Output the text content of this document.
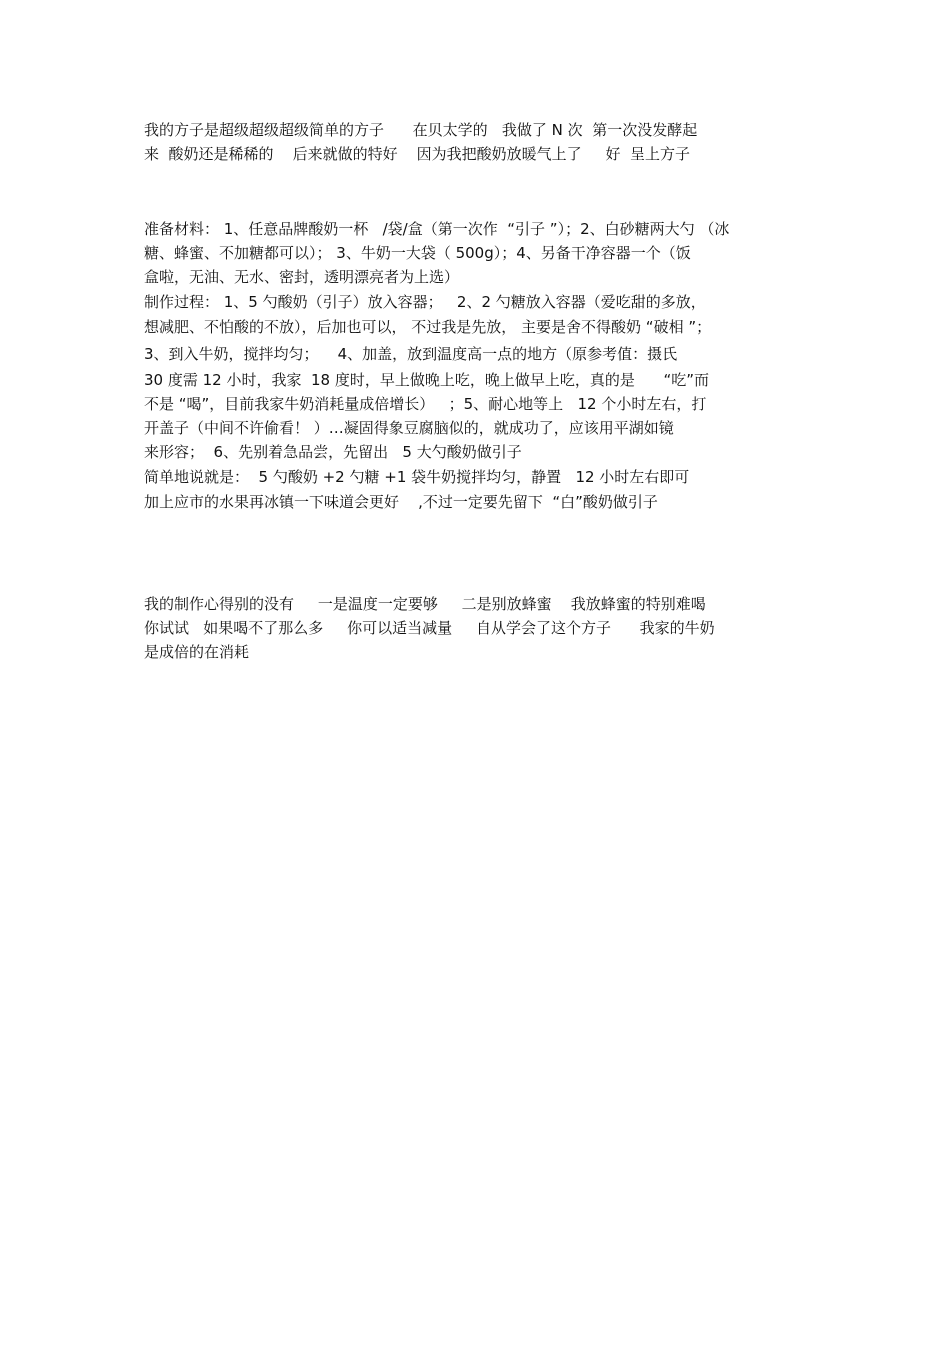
我的方子是超级超级超级简单的方子      在贝太学的   我做了 N 次  第一次没发酵起
来  酸奶还是稀稀的    后来就做的特好    因为我把酸奶放暖气上了     好  呈上方子
准备材料： 1、任意品牌酸奶一杯   /袋/盒（第一次作  “引子 ”）；2、白砂糖两大勺 （冰
糖、蜂蜜、不加糖都可以）； 3、牛奶一大袋（ 500g）；4、另备干净容器一个（饭
盒啦，无油、无水、密封，透明漂亮者为上选）
制作过程： 1、5 勺酸奶（引子）放入容器；   2、2 勺糖放入容器（爱吃甜的多放，
想减肥、不怕酸的不放），后加也可以， 不过我是先放， 主要是舍不得酸奶 “破相 ”；
3、到入牛奶，搅拌均匀；    4、加盖，放到温度高一点的地方（原参考值：摄氏
30 度需 12 小时，我家  18 度时，早上做晚上吃，晚上做早上吃，真的是      “吃”而
不是 “喝”，目前我家牛奶消耗量成倍增长）   ；5、耐心地等上   12 个小时左右，打
开盖子（中间不许偷看！ ）…凝固得象豆腐脑似的，就成功了，应该用平湖如镜
来形容；  6、先别着急品尝，先留出   5 大勺酸奶做引子
简单地说就是：  5 勺酸奶 +2 勺糖 +1 袋牛奶搅拌均匀，静置   12 小时左右即可
加上应市的水果再冰镇一下味道会更好    ,不过一定要先留下  “白”酸奶做引子
我的制作心得别的没有     一是温度一定要够     二是别放蜂蜜    我放蜂蜜的特别难喝
你试试   如果喝不了那么多     你可以适当减量     自从学会了这个方子      我家的牛奶
是成倍的在消耗
